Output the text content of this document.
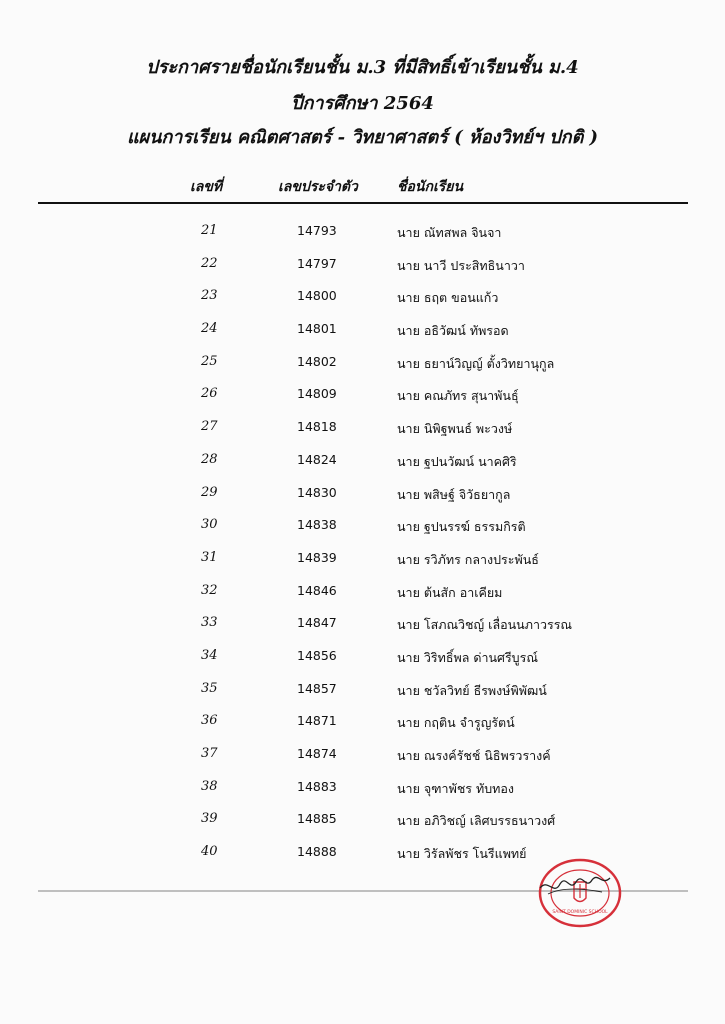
ประกาศรายชื่อนักเรียนชั้น ม.3 ที่มีสิทธิ์เข้าเรียนชั้น ม.4
ปีการศึกษา 2564
แผนการเรียน คณิตศาสตร์ - วิทยาศาสตร์ ( ห้องวิทย์ฯ ปกติ )
เลขที่	เลขประจำตัว	ชื่อนักเรียน
21	14793	นาย ณัทสพล จินจา
22	14797	นาย นาวี ประสิทธินาวา
23	14800	นาย ธฤต ขอนแก้ว
24	14801	นาย อธิวัฒน์ ทัพรอด
25	14802	นาย ธยาน์วิญญ์ ตั้งวิทยานุกูล
26	14809	นาย คณภัทร สุนาพันธุ์
27	14818	นาย นิพิฐพนธ์ พะวงษ์
28	14824	นาย ฐปนวัฒน์ นาคศิริ
29	14830	นาย พสิษฐ์ จิวัธยากูล
30	14838	นาย ฐปนรรฆ์ ธรรมกิรติ
31	14839	นาย รวิภัทร กลางประพันธ์
32	14846	นาย ต้นสัก อาเคียม
33	14847	นาย โสภณวิชญ์ เลื่อนนภาวรรณ
34	14856	นาย วิริทธิ์พล ด่านศรีบูรณ์
35	14857	นาย ชวัลวิทย์ ธีรพงษ์พิพัฒน์
36	14871	นาย กฤติน จำรูญรัตน์
37	14874	นาย ณรงค์รัชช์ นิธิพรวรางค์
38	14883	นาย จุฑาพัชร ทับทอง
39	14885	นาย อภิวิชญ์ เลิศบรรธนาวงศ์
40	14888	นาย วิรัลพัชร โนรีแพทย์
SAINT DOMINIC SCHOOL
